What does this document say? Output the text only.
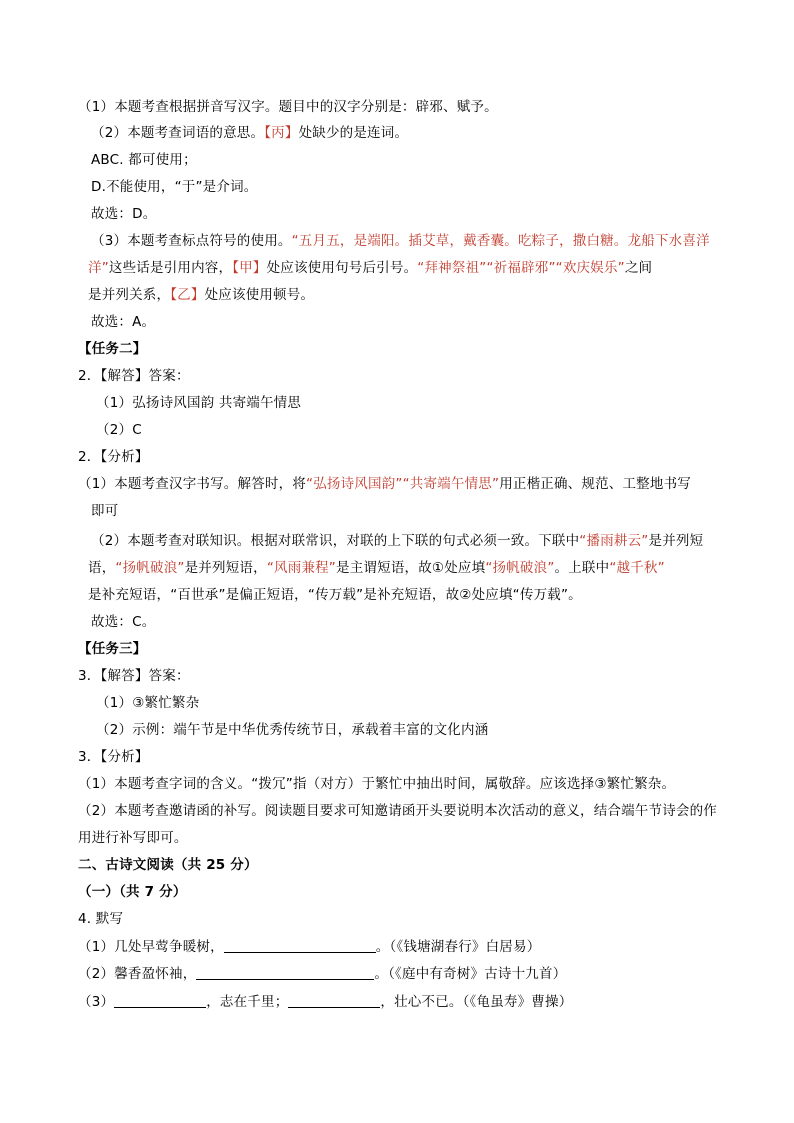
（1）本题考查根据拼音写汉字。题目中的汉字分别是：辟邪、赋予。
（2）本题考查词语的意思。【丙】处缺少的是连词。
ABC. 都可使用；
D.不能使用，“于”是介词。
故选：D。
（3）本题考查标点符号的使用。“五月五，是端阳。插艾草，戴香囊。吃粽子，撒白糖。龙船下水喜洋
洋”这些话是引用内容，【甲】处应该使用句号后引号。“拜神祭祖”“祈福辟邪”“欢庆娱乐”之间
是并列关系，【乙】处应该使用顿号。
故选：A。
【任务二】
2．【解答】答案：
（1）弘扬诗风国韵 共寄端午情思
（2）C
2．【分析】
（1）本题考查汉字书写。解答时，将“弘扬诗风国韵”“共寄端午情思”用正楷正确、规范、工整地书写
即可
（2）本题考查对联知识。根据对联常识，对联的上下联的句式必须一致。下联中“播雨耕云”是并列短
语，“扬帆破浪”是并列短语，“风雨兼程”是主谓短语，故①处应填“扬帆破浪”。上联中“越千秋”
是补充短语，“百世承”是偏正短语，“传万载”是补充短语，故②处应填“传万载”。
故选：C。
【任务三】
3．【解答】答案：
（1）③繁忙繁杂
（2）示例：端午节是中华优秀传统节日，承载着丰富的文化内涵
3．【分析】
（1）本题考查字词的含义。“拨冗”指（对方）于繁忙中抽出时间，属敬辞。应该选择③繁忙繁杂。
（2）本题考查邀请函的补写。阅读题目要求可知邀请函开头要说明本次活动的意义，结合端午节诗会的作
用进行补写即可。
二、古诗文阅读（共 25 分）
（一）（共 7 分）
4. 默写
（1）几处早莺争暖树，	。（《钱塘湖春行》白居易）
（2）馨香盈怀袖，	。（《庭中有奇树》古诗十九首）
（3）	，志在千里；	，壮心不已。（《龟虽寿》曹操）
